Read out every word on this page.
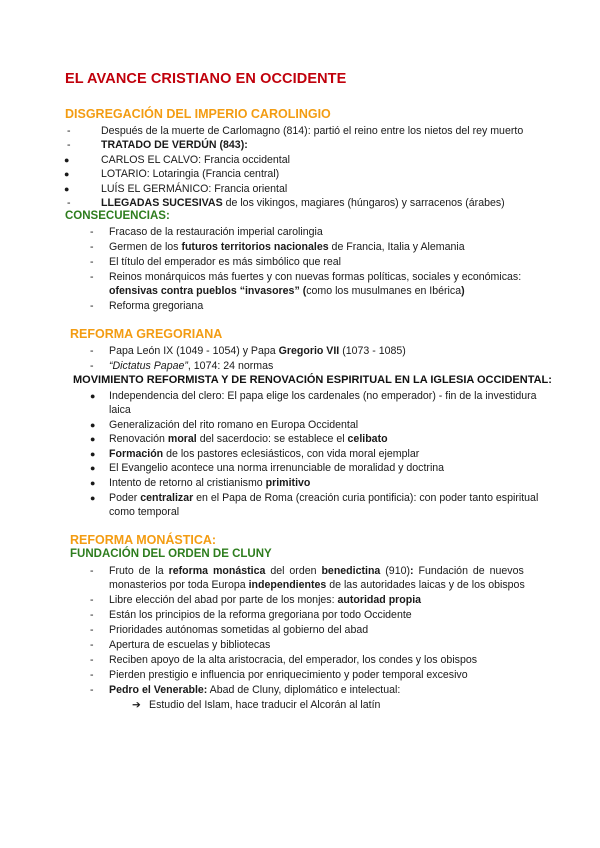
EL AVANCE CRISTIANO EN OCCIDENTE
DISGREGACIÓN DEL IMPERIO CAROLINGIO
-	Después de la muerte de Carlomagno (814): partió el reino entre los nietos del rey muerto
-	TRATADO DE VERDÚN (843):
●	CARLOS EL CALVO: Francia occidental
●	LOTARIO: Lotaringia (Francia central)
●	LUÍS EL GERMÁNICO: Francia oriental
-	LLEGADAS SUCESIVAS de los vikingos, magiares (húngaros) y sarracenos (árabes)
CONSECUENCIAS:
- Fracaso de la restauración imperial carolingia
- Germen de los futuros territorios nacionales de Francia, Italia y Alemania
- El título del emperador es más simbólico que real
- Reinos monárquicos más fuertes y con nuevas formas políticas, sociales y económicas:
ofensivas contra pueblos “invasores” (como los musulmanes en Ibérica)
- Reforma gregoriana
REFORMA GREGORIANA
- Papa León IX (1049 - 1054) y Papa Gregorio VII (1073 - 1085)
- “Dictatus Papae”, 1074: 24 normas
MOVIMIENTO REFORMISTA Y DE RENOVACIÓN ESPIRITUAL EN LA IGLESIA OCCIDENTAL:
● Independencia del clero: El papa elige los cardenales (no emperador) - fin de la investidura
laica
● Generalización del rito romano en Europa Occidental
● Renovación moral del sacerdocio: se establece el celibato
● Formación de los pastores eclesiásticos, con vida moral ejemplar
● El Evangelio acontece una norma irrenunciable de moralidad y doctrina
● Intento de retorno al cristianismo primitivo
● Poder centralizar en el Papa de Roma (creación curia pontificia): con poder tanto espiritual
como temporal
REFORMA MONÁSTICA:
FUNDACIÓN DEL ORDEN DE CLUNY
- Fruto de la reforma monástica del orden benedictina (910): Fundación de nuevos
monasterios por toda Europa independientes de las autoridades laicas y de los obispos
- Libre elección del abad por parte de los monjes: autoridad propia
- Están los principios de la reforma gregoriana por todo Occidente
- Prioridades autónomas sometidas al gobierno del abad
- Apertura de escuelas y bibliotecas
- Reciben apoyo de la alta aristocracia, del emperador, los condes y los obispos
- Pierden prestigio e influencia por enriquecimiento y poder temporal excesivo
- Pedro el Venerable: Abad de Cluny, diplomático e intelectual:
➔ Estudio del Islam, hace traducir el Alcorán al latín
